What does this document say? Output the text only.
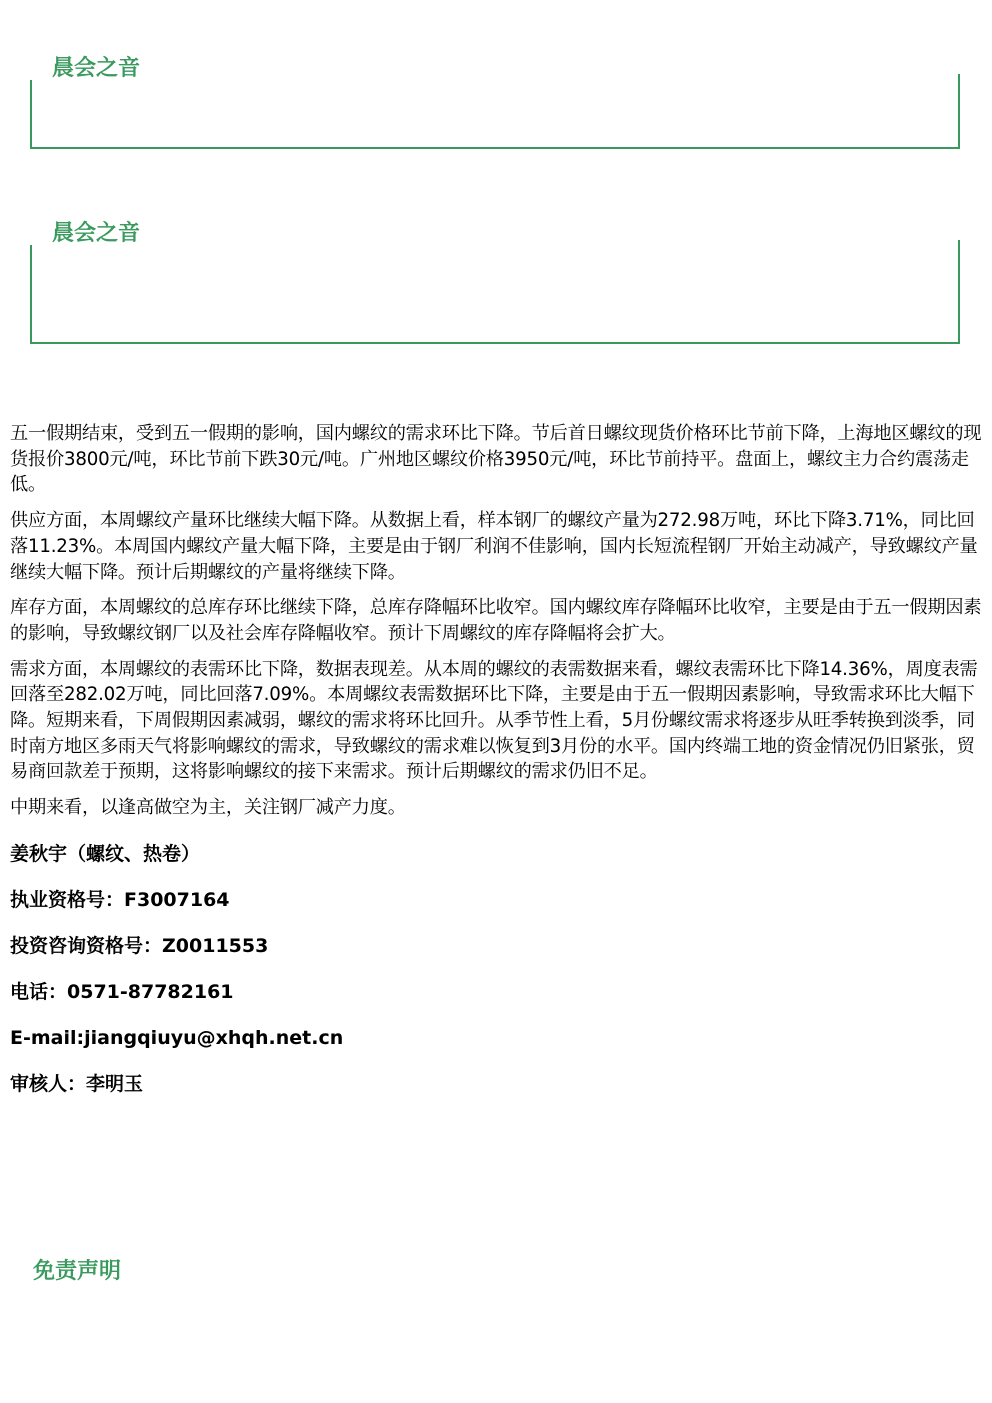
晨会之音
晨会之音

五一假期结束，受到五一假期的影响，国内螺纹的需求环比下降。节后首日螺纹现货价格环比节前下降，上海地区螺纹的现货报价3800元/吨，环比节前下跌30元/吨。广州地区螺纹价格3950元/吨，环比节前持平。盘面上，螺纹主力合约震荡走低。

供应方面，本周螺纹产量环比继续大幅下降。从数据上看，样本钢厂的螺纹产量为272.98万吨，环比下降3.71%，同比回落11.23%。本周国内螺纹产量大幅下降，主要是由于钢厂利润不佳影响，国内长短流程钢厂开始主动减产，导致螺纹产量继续大幅下降。预计后期螺纹的产量将继续下降。

库存方面，本周螺纹的总库存环比继续下降，总库存降幅环比收窄。国内螺纹库存降幅环比收窄，主要是由于五一假期因素的影响，导致螺纹钢厂以及社会库存降幅收窄。预计下周螺纹的库存降幅将会扩大。

需求方面，本周螺纹的表需环比下降，数据表现差。从本周的螺纹的表需数据来看，螺纹表需环比下降14.36%，周度表需回落至282.02万吨，同比回落7.09%。本周螺纹表需数据环比下降，主要是由于五一假期因素影响，导致需求环比大幅下降。短期来看，下周假期因素减弱，螺纹的需求将环比回升。从季节性上看，5月份螺纹需求将逐步从旺季转换到淡季，同时南方地区多雨天气将影响螺纹的需求，导致螺纹的需求难以恢复到3月份的水平。国内终端工地的资金情况仍旧紧张，贸易商回款差于预期，这将影响螺纹的接下来需求。预计后期螺纹的需求仍旧不足。

中期来看，以逢高做空为主，关注钢厂减产力度。

姜秋宇（螺纹、热卷）

执业资格号：F3007164

投资咨询资格号：Z0011553

电话：0571-87782161

E-mail:jiangqiuyu@xhqh.net.cn

审核人：李明玉

免责声明
